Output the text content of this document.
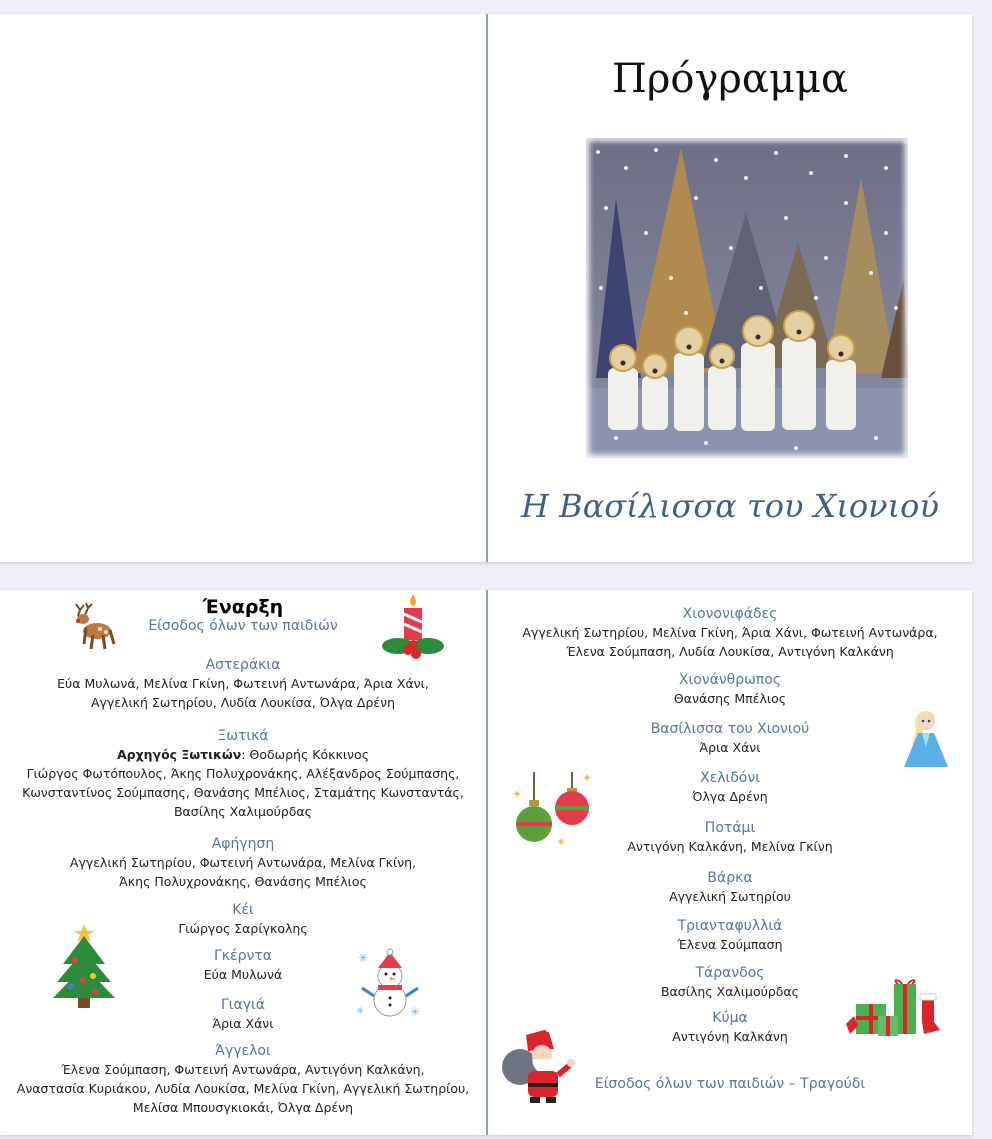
Πρόγραμμα
Η Βασίλισσα του Χιονιού
Έναρξη
Είσοδος όλων των παιδιών
Αστεράκια
Εύα Μυλωνά, Μελίνα Γκίνη, Φωτεινή Αντωνάρα, Άρια Χάνι,
Αγγελική Σωτηρίου, Λυδία Λουκίσα, Όλγα Δρένη
Ξωτικά
Αρχηγός Ξωτικών: Θοδωρής Κόκκινος
Γιώργος Φωτόπουλος, Άκης Πολυχρονάκης, Αλέξανδρος Σούμπασης,
Κωνσταντίνος Σούμπασης, Θανάσης Μπέλιος, Σταμάτης Κωνσταντάς,
Βασίλης Χαλιμούρδας
Αφήγηση
Αγγελική Σωτηρίου, Φωτεινή Αντωνάρα, Μελίνα Γκίνη,
Άκης Πολυχρονάκης, Θανάσης Μπέλιος
Κέι
Γιώργος Σαρίγκολης
Γκέρντα
Εύα Μυλωνά
Γιαγιά
Άρια Χάνι
Άγγελοι
Έλενα Σούμπαση, Φωτεινή Αντωνάρα, Αντιγόνη Καλκάνη,
Αναστασία Κυριάκου, Λυδία Λουκίσα, Μελίνα Γκίνη, Αγγελική Σωτηρίου,
Μελίσα Μπουσγκιοκάι, Όλγα Δρένη
Χιονονιφάδες
Αγγελική Σωτηρίου, Μελίνα Γκίνη, Άρια Χάνι, Φωτεινή Αντωνάρα,
Έλενα Σούμπαση, Λυδία Λουκίσα, Αντιγόνη Καλκάνη
Χιονάνθρωπος
Θανάσης Μπέλιος
Βασίλισσα του Χιονιού
Άρια Χάνι
Χελιδόνι
Όλγα Δρένη
Ποτάμι
Αντιγόνη Καλκάνη, Μελίνα Γκίνη
Βάρκα
Αγγελική Σωτηρίου
Τριανταφυλλιά
Έλενα Σούμπαση
Τάρανδος
Βασίλης Χαλιμούρδας
Κύμα
Αντιγόνη Καλκάνη
Είσοδος όλων των παιδιών – Τραγούδι
✳
✳
✳
✦
✦
✦
